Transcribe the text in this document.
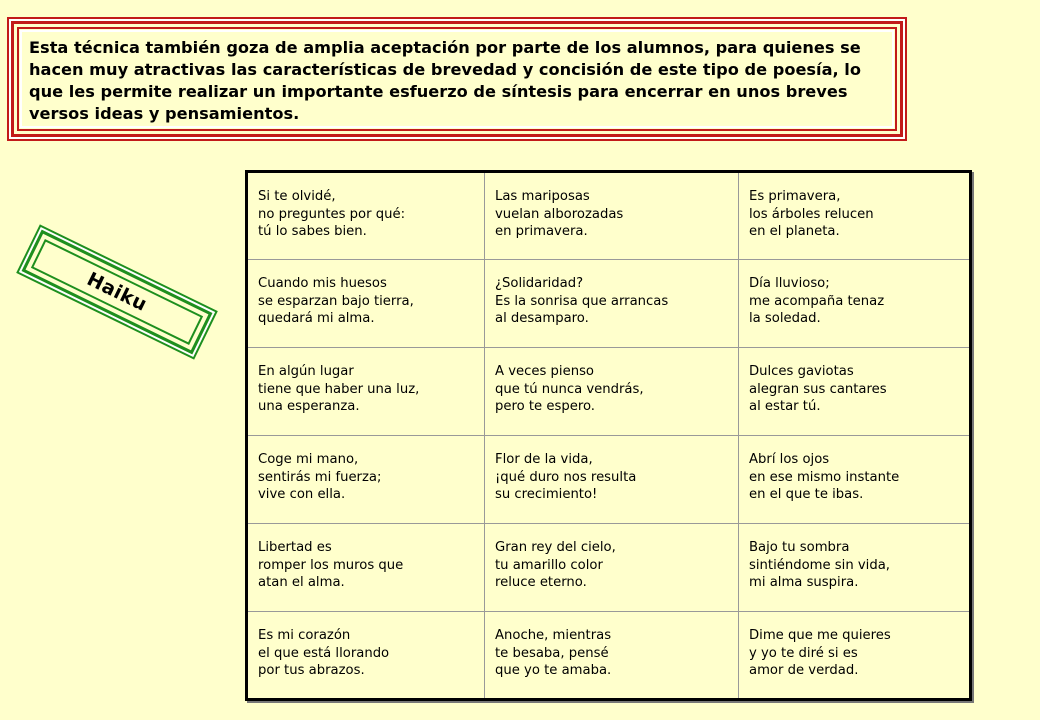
Esta técnica también goza de amplia aceptación por parte de los alumnos, para quienes se hacen muy atractivas las características de brevedad y concisión de este tipo de poesía, lo que les permite realizar un importante esfuerzo de síntesis para encerrar en unos breves versos ideas y pensamientos.

Haiku
Si te olvidé,
no preguntes por qué:
tú lo sabes bien.	Las mariposas
vuelan alborozadas
en primavera.	Es primavera,
los árboles relucen
en el planeta.
Cuando mis huesos
se esparzan bajo tierra,
quedará mi alma.	¿Solidaridad?
Es la sonrisa que arrancas
al desamparo.	Día lluvioso;
me acompaña tenaz
la soledad.
En algún lugar
tiene que haber una luz,
una esperanza.	A veces pienso
que tú nunca vendrás,
pero te espero.	Dulces gaviotas
alegran sus cantares
al estar tú.
Coge mi mano,
sentirás mi fuerza;
vive con ella.	Flor de la vida,
¡qué duro nos resulta
su crecimiento!	Abrí los ojos
en ese mismo instante
en el que te ibas.
Libertad es
romper los muros que
atan el alma.	Gran rey del cielo,
tu amarillo color
reluce eterno.	Bajo tu sombra
sintiéndome sin vida,
mi alma suspira.
Es mi corazón
el que está llorando
por tus abrazos.	Anoche, mientras
te besaba, pensé
que yo te amaba.	Dime que me quieres
y yo te diré si es
amor de verdad.
